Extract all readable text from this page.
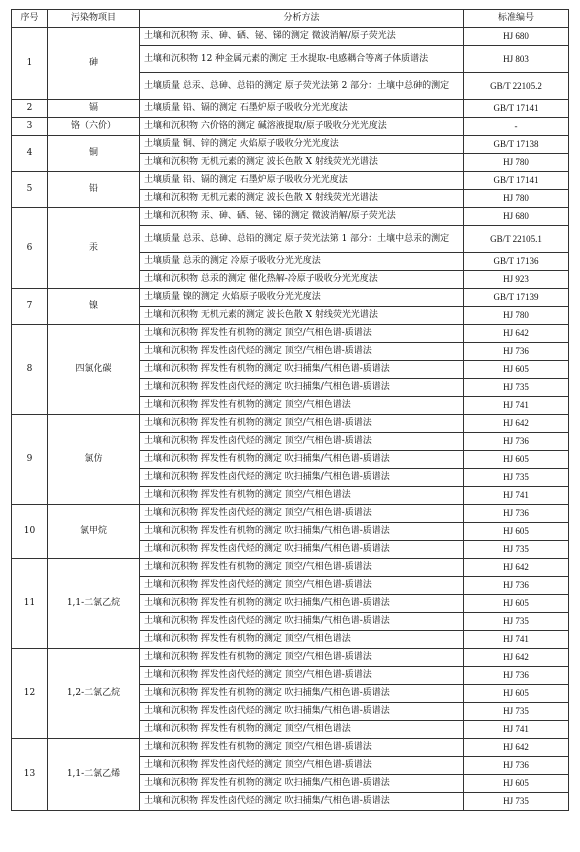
序号	污染物项目	分析方法	标准编号
1	砷	土壤和沉积物 汞、砷、硒、铋、锑的测定 微波消解/原子荧光法	HJ 680
		土壤和沉积物 12 种金属元素的测定 王水提取-电感耦合等离子体质谱法	HJ 803
		土壤质量 总汞、总砷、总铅的测定 原子荧光法第 2 部分：土壤中总砷的测定	GB/T 22105.2
2	镉	土壤质量 铅、镉的测定 石墨炉原子吸收分光光度法	GB/T 17141
3	铬（六价）	土壤和沉积物 六价铬的测定 碱溶液提取/原子吸收分光光度法	-
4	铜	土壤质量 铜、锌的测定 火焰原子吸收分光光度法	GB/T 17138
		土壤和沉积物 无机元素的测定 波长色散 X 射线荧光光谱法	HJ 780
5	铅	土壤质量 铅、镉的测定 石墨炉原子吸收分光光度法	GB/T 17141
		土壤和沉积物 无机元素的测定 波长色散 X 射线荧光光谱法	HJ 780
6	汞	土壤和沉积物 汞、砷、硒、铋、锑的测定 微波消解/原子荧光法	HJ 680
		土壤质量 总汞、总砷、总铅的测定 原子荧光法第 1 部分：土壤中总汞的测定	GB/T 22105.1
		土壤质量 总汞的测定 冷原子吸收分光光度法	GB/T 17136
		土壤和沉积物 总汞的测定 催化热解-冷原子吸收分光光度法	HJ 923
7	镍	土壤质量 镍的测定 火焰原子吸收分光光度法	GB/T 17139
		土壤和沉积物 无机元素的测定 波长色散 X 射线荧光光谱法	HJ 780
8	四氯化碳	土壤和沉积物 挥发性有机物的测定 顶空/气相色谱-质谱法	HJ 642
		土壤和沉积物 挥发性卤代烃的测定 顶空/气相色谱-质谱法	HJ 736
		土壤和沉积物 挥发性有机物的测定 吹扫捕集/气相色谱-质谱法	HJ 605
		土壤和沉积物 挥发性卤代烃的测定 吹扫捕集/气相色谱-质谱法	HJ 735
		土壤和沉积物 挥发性有机物的测定 顶空/气相色谱法	HJ 741
9	氯仿	土壤和沉积物 挥发性有机物的测定 顶空/气相色谱-质谱法	HJ 642
		土壤和沉积物 挥发性卤代烃的测定 顶空/气相色谱-质谱法	HJ 736
		土壤和沉积物 挥发性有机物的测定 吹扫捕集/气相色谱-质谱法	HJ 605
		土壤和沉积物 挥发性卤代烃的测定 吹扫捕集/气相色谱-质谱法	HJ 735
		土壤和沉积物 挥发性有机物的测定 顶空/气相色谱法	HJ 741
10	氯甲烷	土壤和沉积物 挥发性卤代烃的测定 顶空/气相色谱-质谱法	HJ 736
		土壤和沉积物 挥发性有机物的测定 吹扫捕集/气相色谱-质谱法	HJ 605
		土壤和沉积物 挥发性卤代烃的测定 吹扫捕集/气相色谱-质谱法	HJ 735
11	1,1-二氯乙烷	土壤和沉积物 挥发性有机物的测定 顶空/气相色谱-质谱法	HJ 642
		土壤和沉积物 挥发性卤代烃的测定 顶空/气相色谱-质谱法	HJ 736
		土壤和沉积物 挥发性有机物的测定 吹扫捕集/气相色谱-质谱法	HJ 605
		土壤和沉积物 挥发性卤代烃的测定 吹扫捕集/气相色谱-质谱法	HJ 735
		土壤和沉积物 挥发性有机物的测定 顶空/气相色谱法	HJ 741
12	1,2-二氯乙烷	土壤和沉积物 挥发性有机物的测定 顶空/气相色谱-质谱法	HJ 642
		土壤和沉积物 挥发性卤代烃的测定 顶空/气相色谱-质谱法	HJ 736
		土壤和沉积物 挥发性有机物的测定 吹扫捕集/气相色谱-质谱法	HJ 605
		土壤和沉积物 挥发性卤代烃的测定 吹扫捕集/气相色谱-质谱法	HJ 735
		土壤和沉积物 挥发性有机物的测定 顶空/气相色谱法	HJ 741
13	1,1-二氯乙烯	土壤和沉积物 挥发性有机物的测定 顶空/气相色谱-质谱法	HJ 642
		土壤和沉积物 挥发性卤代烃的测定 顶空/气相色谱-质谱法	HJ 736
		土壤和沉积物 挥发性有机物的测定 吹扫捕集/气相色谱-质谱法	HJ 605
		土壤和沉积物 挥发性卤代烃的测定 吹扫捕集/气相色谱-质谱法	HJ 735
